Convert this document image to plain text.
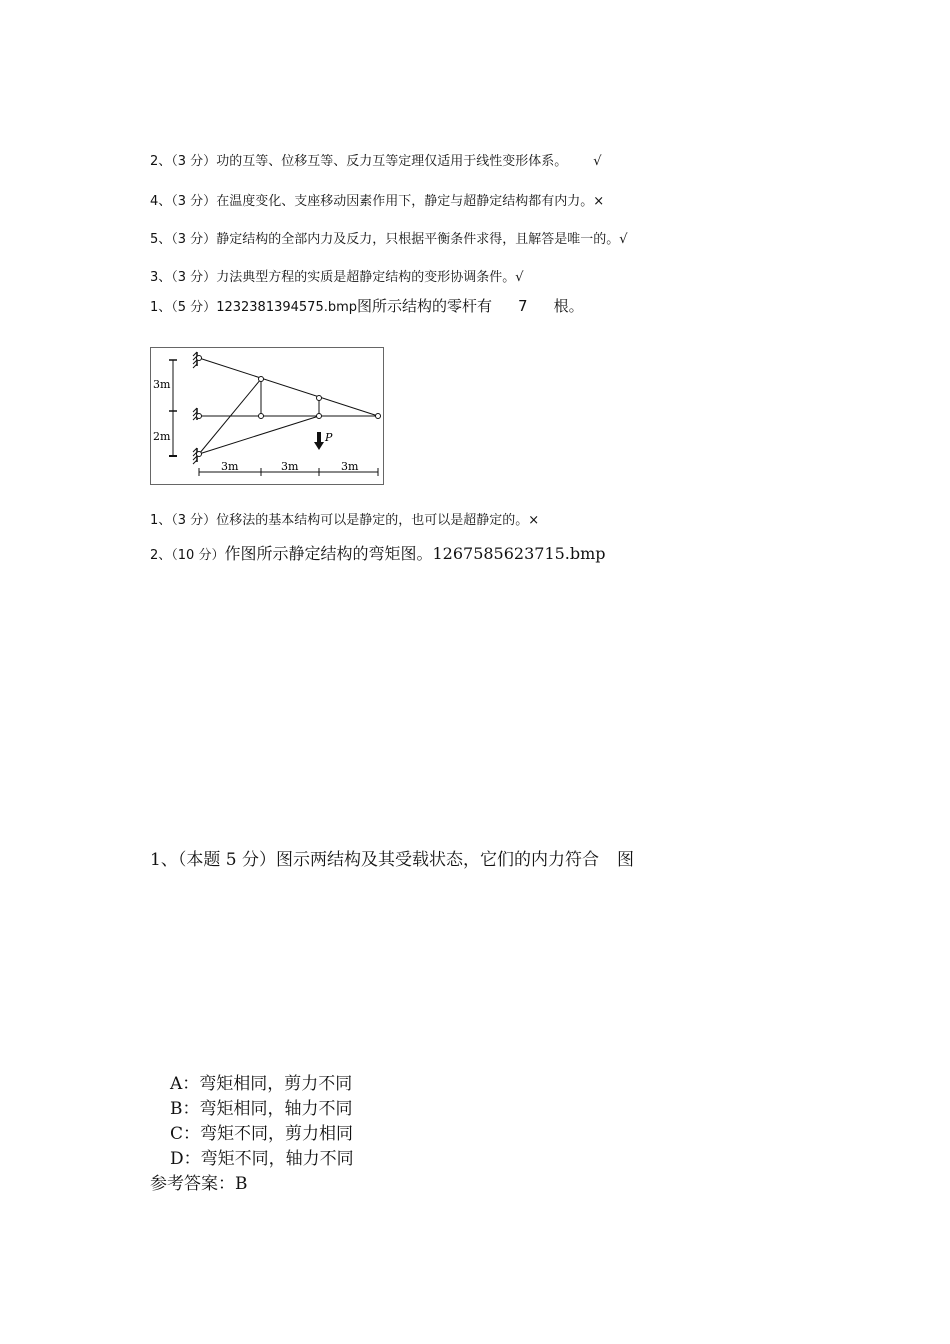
2、（3 分）功的互等、位移互等、反力互等定理仅适用于线性变形体系。 √
4、（3 分）在温度变化、支座移动因素作用下，静定与超静定结构都有内力。×
5、（3 分）静定结构的全部内力及反力，只根据平衡条件求得，且解答是唯一的。√
3、（3 分）力法典型方程的实质是超静定结构的变形协调条件。√
1、（5 分）1232381394575.bmp图所示结构的零杆有 7 根。
3m
2m	P
3m	3m	3m
1、（3 分）位移法的基本结构可以是静定的，也可以是超静定的。×
2、（10 分）作图所示静定结构的弯矩图。1267585623715.bmp
1、（本题 5 分）图示两结构及其受载状态，它们的内力符合 图
A：弯矩相同，剪力不同
B：弯矩相同，轴力不同
C：弯矩不同，剪力相同
D：弯矩不同，轴力不同
参考答案：B
